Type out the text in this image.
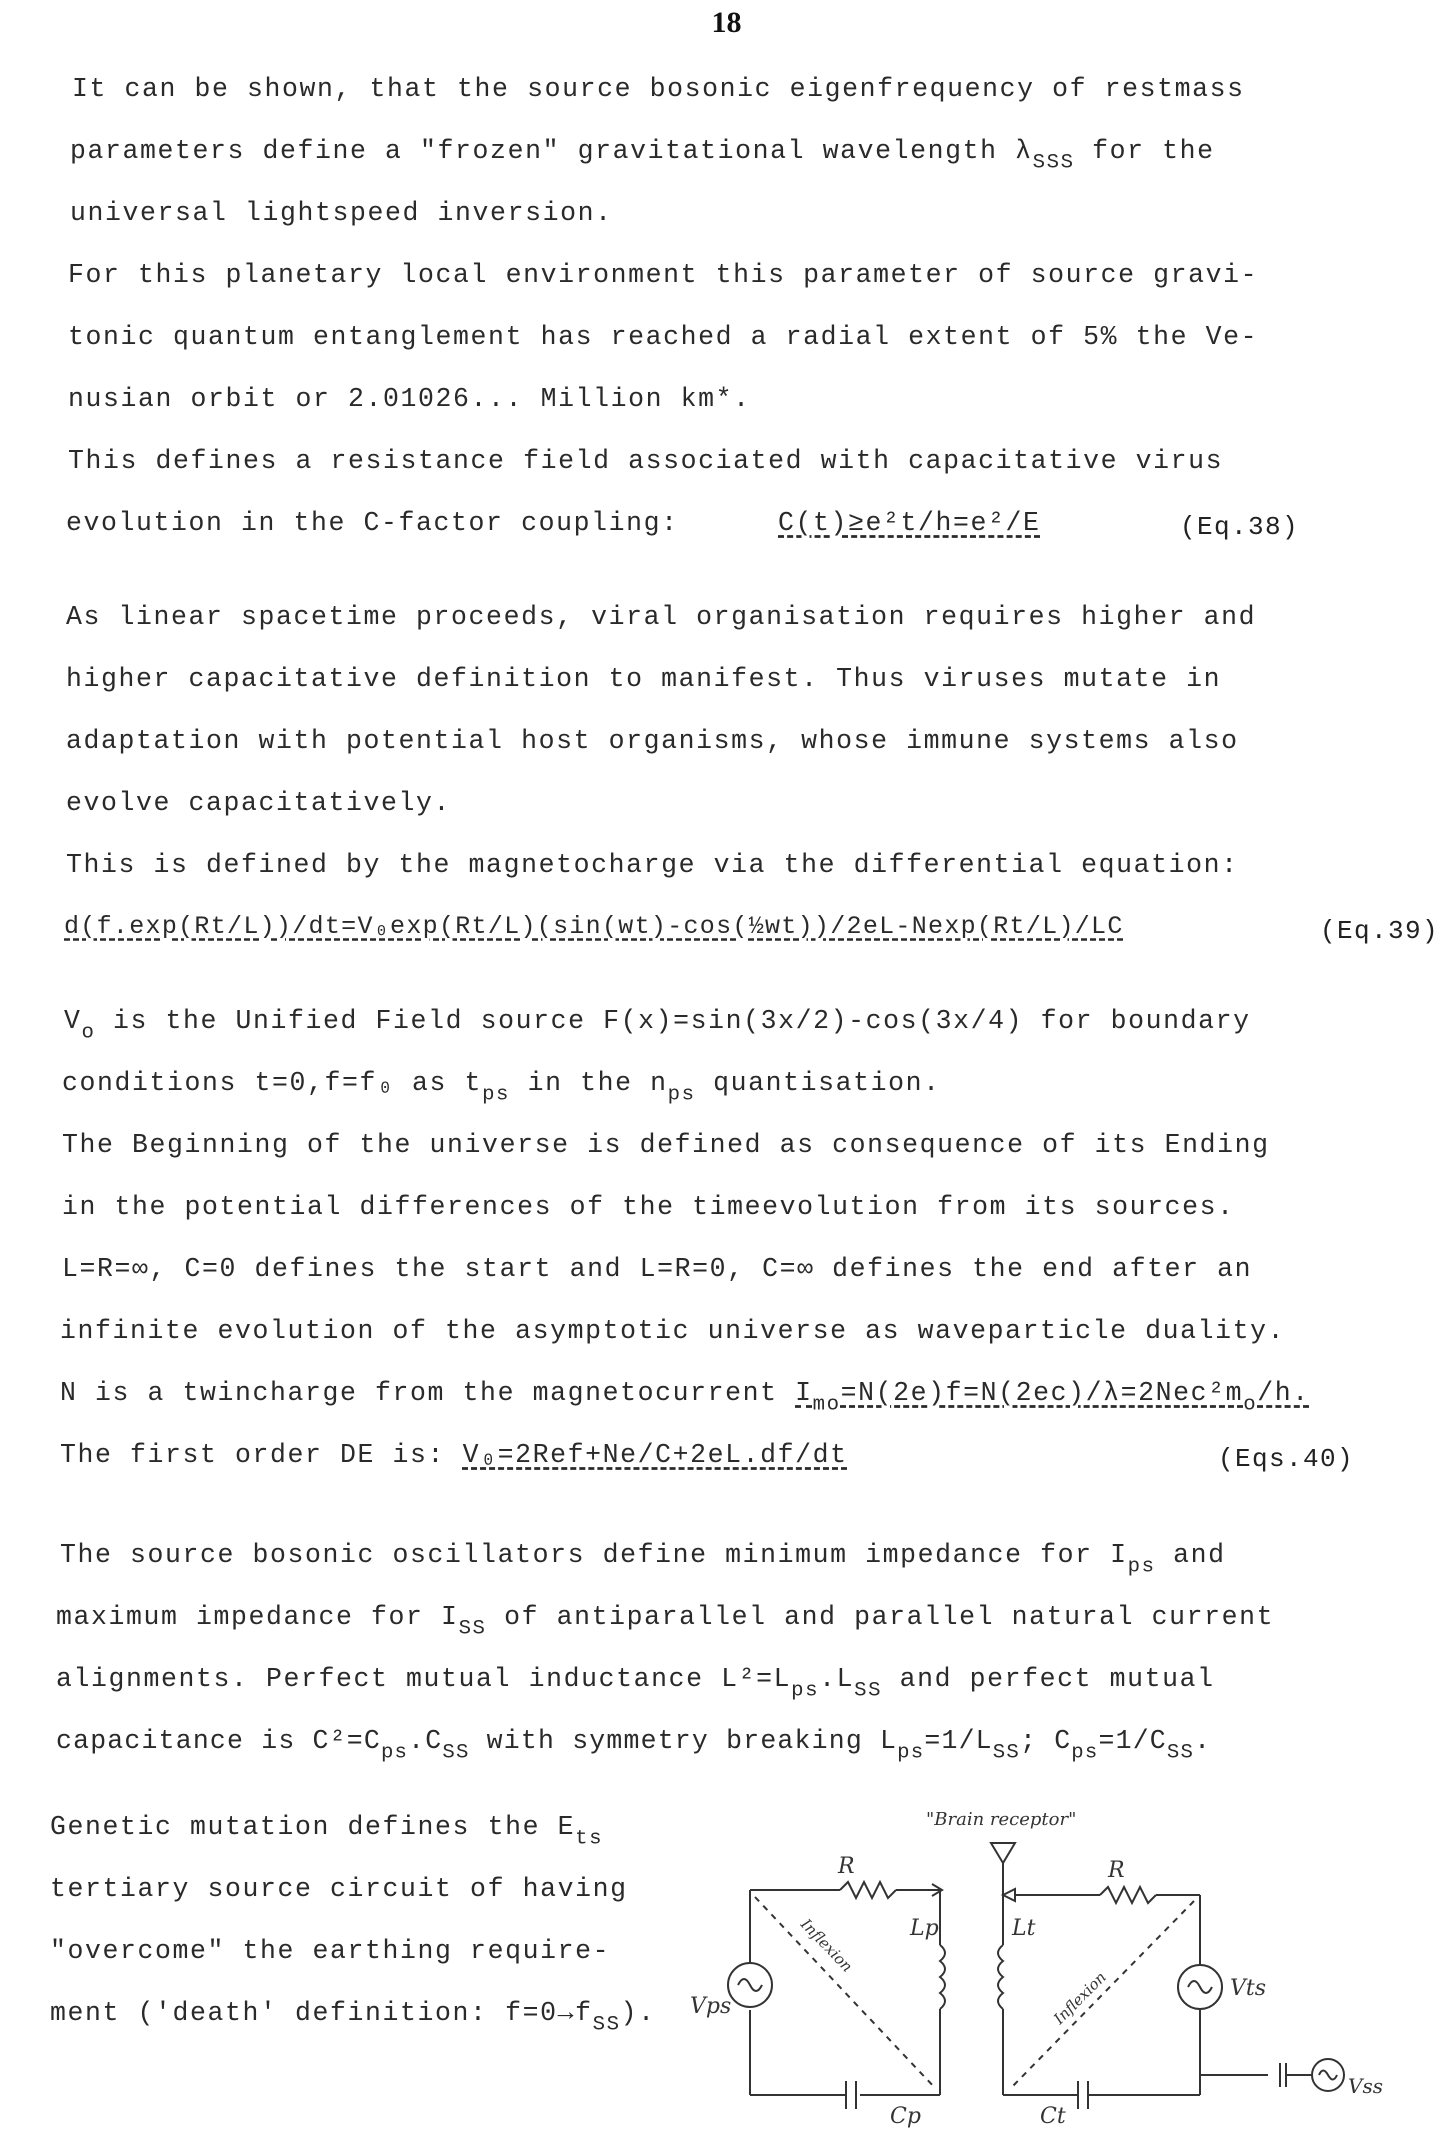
18
It can be shown, that the source bosonic eigenfrequency of restmass
parameters define a "frozen" gravitational wavelength $\lambda_{SSS}$ for the
universal lightspeed inversion.
For this planetary local environment this parameter of source gravi-
tonic quantum entanglement has reached a radial extent of 5% the Ve-
nusian orbit or 2.01026... Million km*.
This defines a resistance field associated with capacitative virus
evolution in the C-factor coupling:	C(t)≥e²t/h=e²/E	(Eq.38)
As linear spacetime proceeds, viral organisation requires higher and
higher capacitative definition to manifest. Thus viruses mutate in
adaptation with potential host organisms, whose immune systems also
evolve capacitatively.
This is defined by the magnetocharge via the differential equation:
d(f.exp(Rt/L))/dt=V₀exp(Rt/L)(sin(wt)-cos(½wt))/2eL-Nexp(Rt/L)/LC	(Eq.39)
$V_o$ is the Unified Field source F(x)=sin(3x/2)-cos(3x/4) for boundary
conditions t=0,f=f₀ as $t_{ps}$ in the $n_{ps}$ quantisation.
The Beginning of the universe is defined as consequence of its Ending
in the potential differences of the timeevolution from its sources.
L=R=∞, C=0 defines the start and L=R=0, C=∞ defines the end after an
infinite evolution of the asymptotic universe as waveparticle duality.
N is a twincharge from the magnetocurrent $I_{mo}=N(2e)f=N(2ec)/\lambda=2Nec^2m_o/h$.
The first order DE is: V₀=2Ref+Ne/C+2eL.df/dt	(Eqs.40)
The source bosonic oscillators define minimum impedance for $I_{ps}$ and
maximum impedance for $I_{SS}$ of antiparallel and parallel natural current
alignments. Perfect mutual inductance $L^2=L_{ps}.L_{SS}$ and perfect mutual
capacitance is $C^2=C_{ps}.C_{SS}$ with symmetry breaking $L_{ps}=1/L_{SS}$; $C_{ps}=1/C_{SS}$.
Genetic mutation defines the $E_{ts}$
tertiary source circuit of having
"overcome" the earthing require-
ment ('death' definition: $f=0\to f_{SS}$).
"Brain receptor"
R	R
Lp	Lt
Cp	Ct
Vps
Vts
Vss
Inflexion
Inflexion
